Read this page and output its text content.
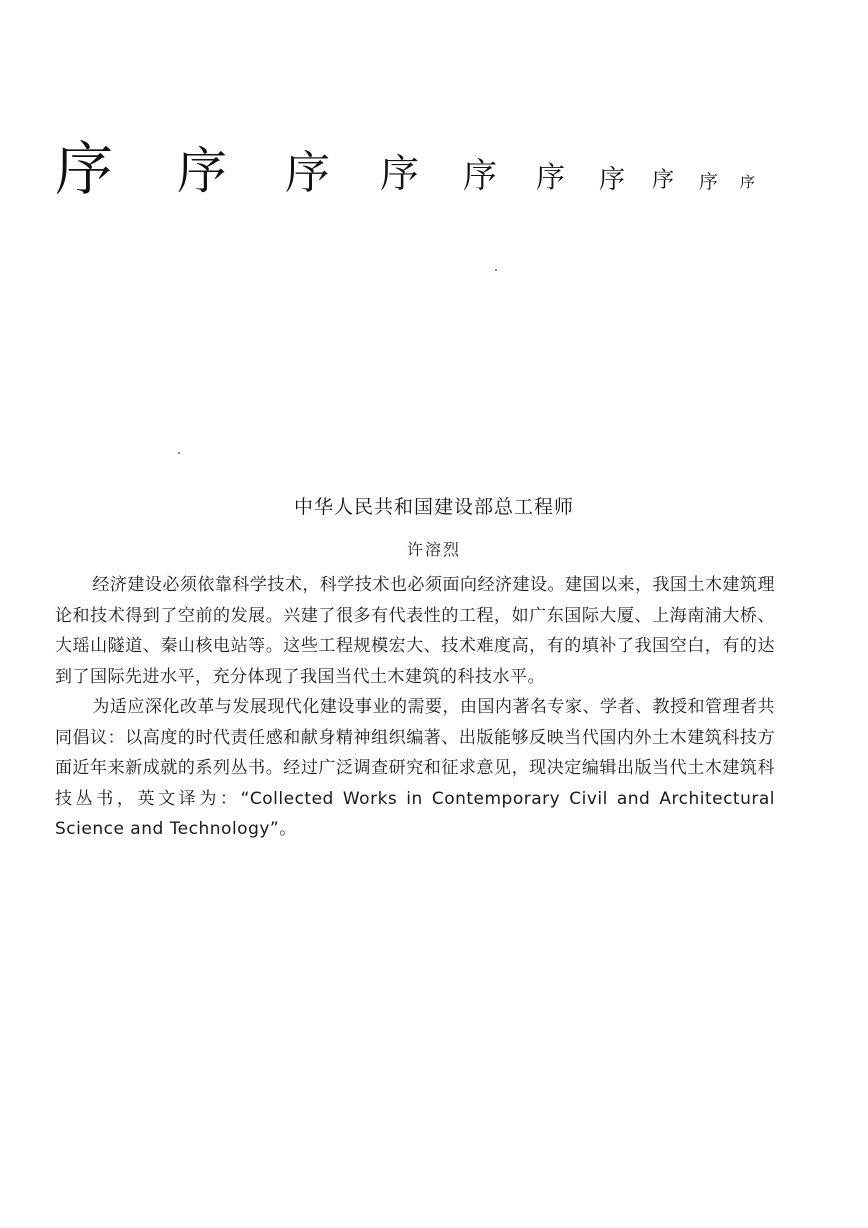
序 序 序 序 序 序 序 序 序 序
中华人民共和国建设部总工程师
许溶烈

经济建设必须依靠科学技术，科学技术也必须面向经济建设。建国以来，我国土木建筑理论和技术得到了空前的发展。兴建了很多有代表性的工程，如广东国际大厦、上海南浦大桥、大瑶山隧道、秦山核电站等。这些工程规模宏大、技术难度高，有的填补了我国空白，有的达到了国际先进水平，充分体现了我国当代土木建筑的科技水平。

为适应深化改革与发展现代化建设事业的需要，由国内著名专家、学者、教授和管理者共同倡议：以高度的时代责任感和献身精神组织编著、出版能够反映当代国内外土木建筑科技方面近年来新成就的系列丛书。经过广泛调查研究和征求意见，现决定编辑出版当代土木建筑科技丛书，英文译为：“Collected Works in Contemporary Civil and Architectural Science and Technology”。
